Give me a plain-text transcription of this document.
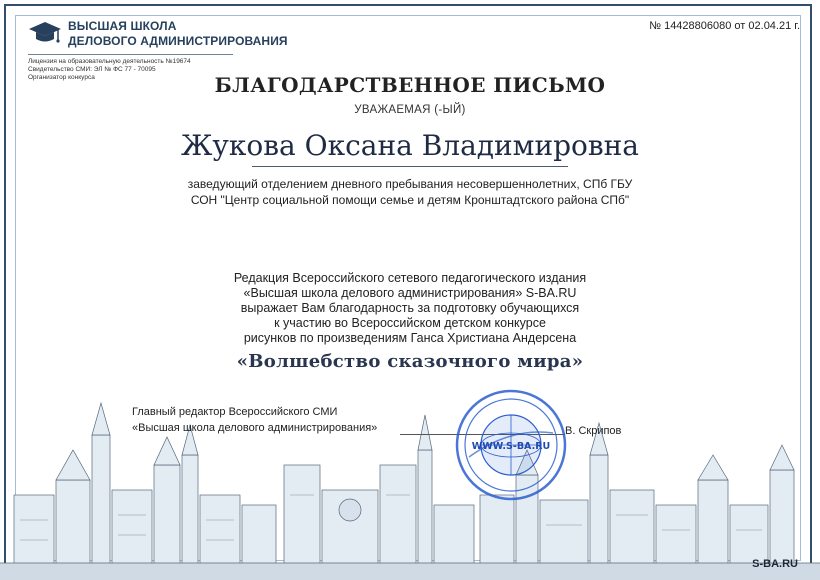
ВЫСШАЯ ШКОЛА
ДЕЛОВОГО АДМИНИСТРИРОВАНИЯ
Лицензия на образовательную деятельность №19674
Свидетельство СМИ: ЭЛ № ФС 77 - 70095
Организатор конкурса
№ 14428806080 от 02.04.21 г.
БЛАГОДАРСТВЕННОЕ ПИСЬМО
УВАЖАЕМАЯ (-ЫЙ)
Жукова Оксана Владимировна
заведующий отделением дневного пребывания несовершеннолетних, СПб ГБУ
СОН "Центр социальной помощи семье и детям Кронштадтского района СПб"
Редакция Всероссийского сетевого педагогического издания
«Высшая школа делового администрирования» S-BA.RU
выражает Вам благодарность за подготовку обучающихся
к участию во Всероссийском детском конкурсе
рисунков по произведениям Ганса Христиана Андерсена
«Волшебство сказочного мира»
Главный редактор Всероссийского СМИ
«Высшая школа делового администрирования»	В. Скрипов
WWW.S-BA.RU
S-BA.RU
